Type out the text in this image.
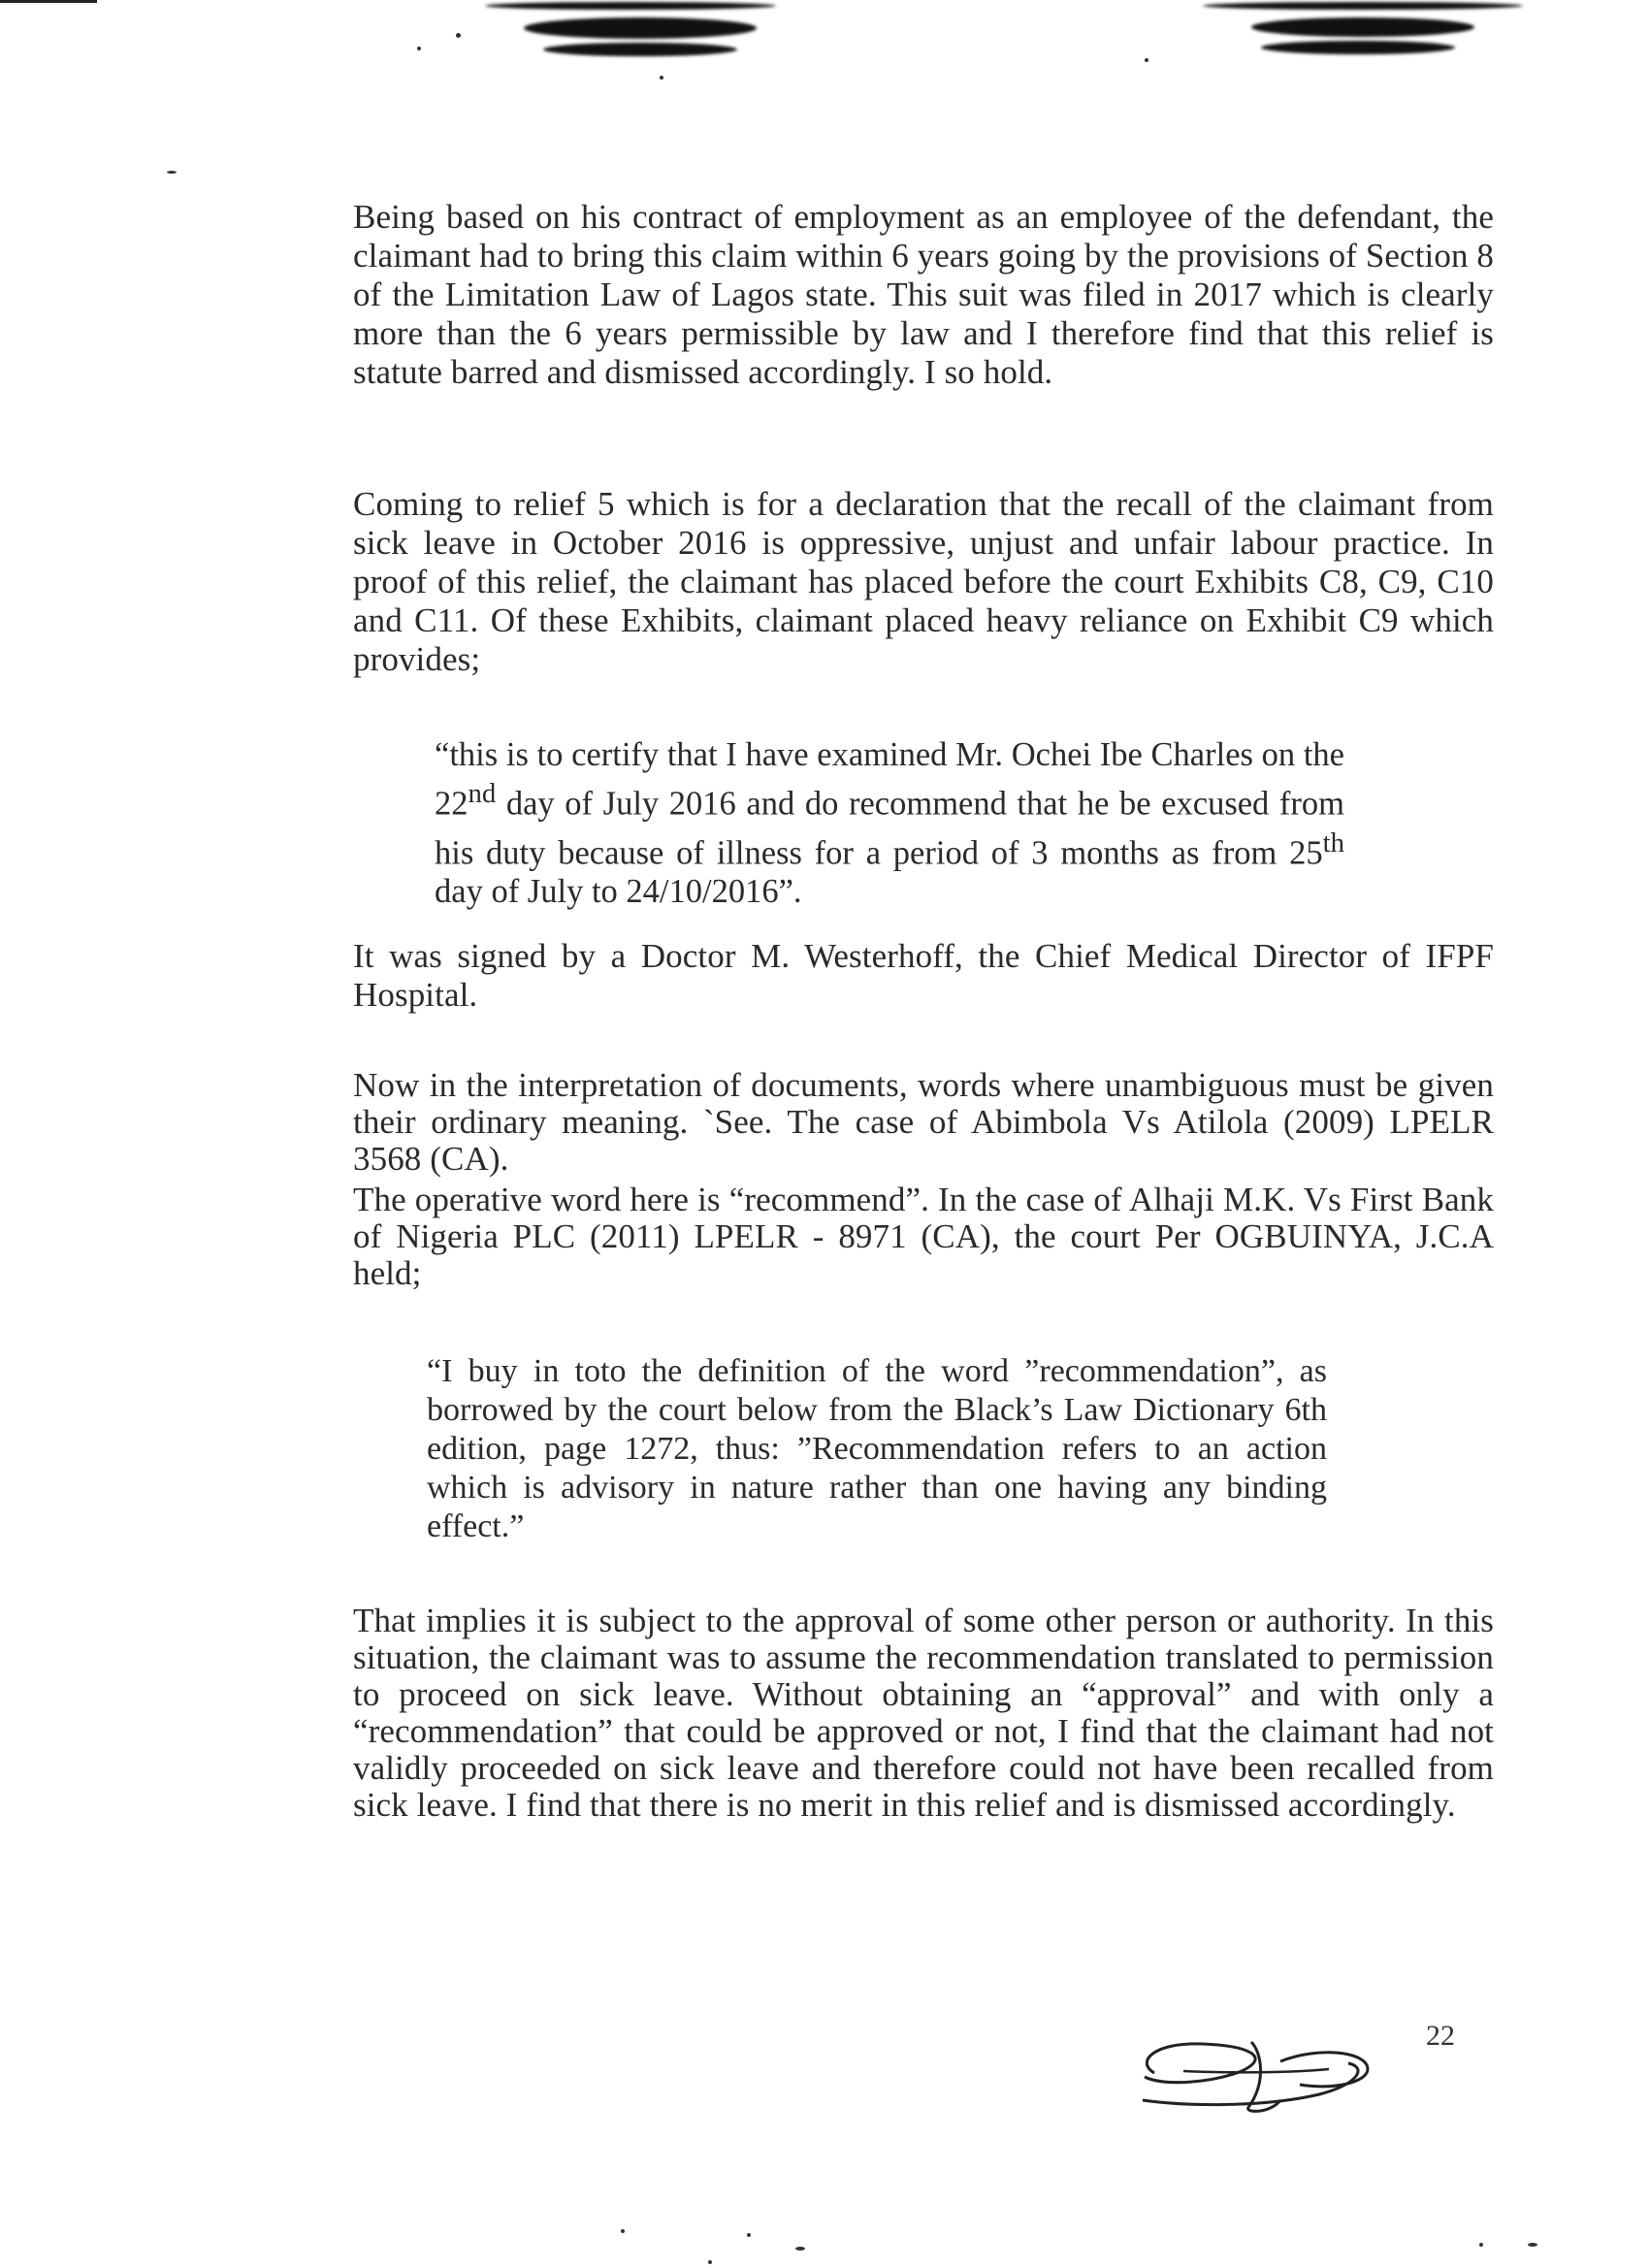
Being based on his contract of employment as an employee of the defendant, the claimant had to bring this claim within 6 years going by the provisions of Section 8 of the Limitation Law of Lagos state. This suit was filed in 2017 which is clearly more than the 6 years permissible by law and I therefore find that this relief is statute barred and dismissed accordingly. I so hold.

Coming to relief 5 which is for a declaration that the recall of the claimant from sick leave in October 2016 is oppressive, unjust and unfair labour practice. In proof of this relief, the claimant has placed before the court Exhibits C8, C9, C10 and C11. Of these Exhibits, claimant placed heavy reliance on Exhibit C9 which provides;

“this is to certify that I have examined Mr. Ochei Ibe Charles on the 22nd day of July 2016 and do recommend that he be excused from his duty because of illness for a period of 3 months as from 25th day of July to 24/10/2016”.

It was signed by a Doctor M. Westerhoff, the Chief Medical Director of IFPF Hospital.

Now in the interpretation of documents, words where unambiguous must be given their ordinary meaning. `See. The case of Abimbola Vs Atilola (2009) LPELR 3568 (CA).

The operative word here is “recommend”. In the case of Alhaji M.K. Vs First Bank of Nigeria PLC (2011) LPELR - 8971 (CA), the court Per OGBUINYA, J.C.A held;

“I buy in toto the definition of the word ”recommendation”, as borrowed by the court below from the Black’s Law Dictionary 6th edition, page 1272, thus: ”Recommendation refers to an action which is advisory in nature rather than one having any binding effect.”

That implies it is subject to the approval of some other person or authority. In this situation, the claimant was to assume the recommendation translated to permission to proceed on sick leave. Without obtaining an “approval” and with only a “recommendation” that could be approved or not, I find that the claimant had not validly proceeded on sick leave and therefore could not have been recalled from sick leave. I find that there is no merit in this relief and is dismissed accordingly.

22
